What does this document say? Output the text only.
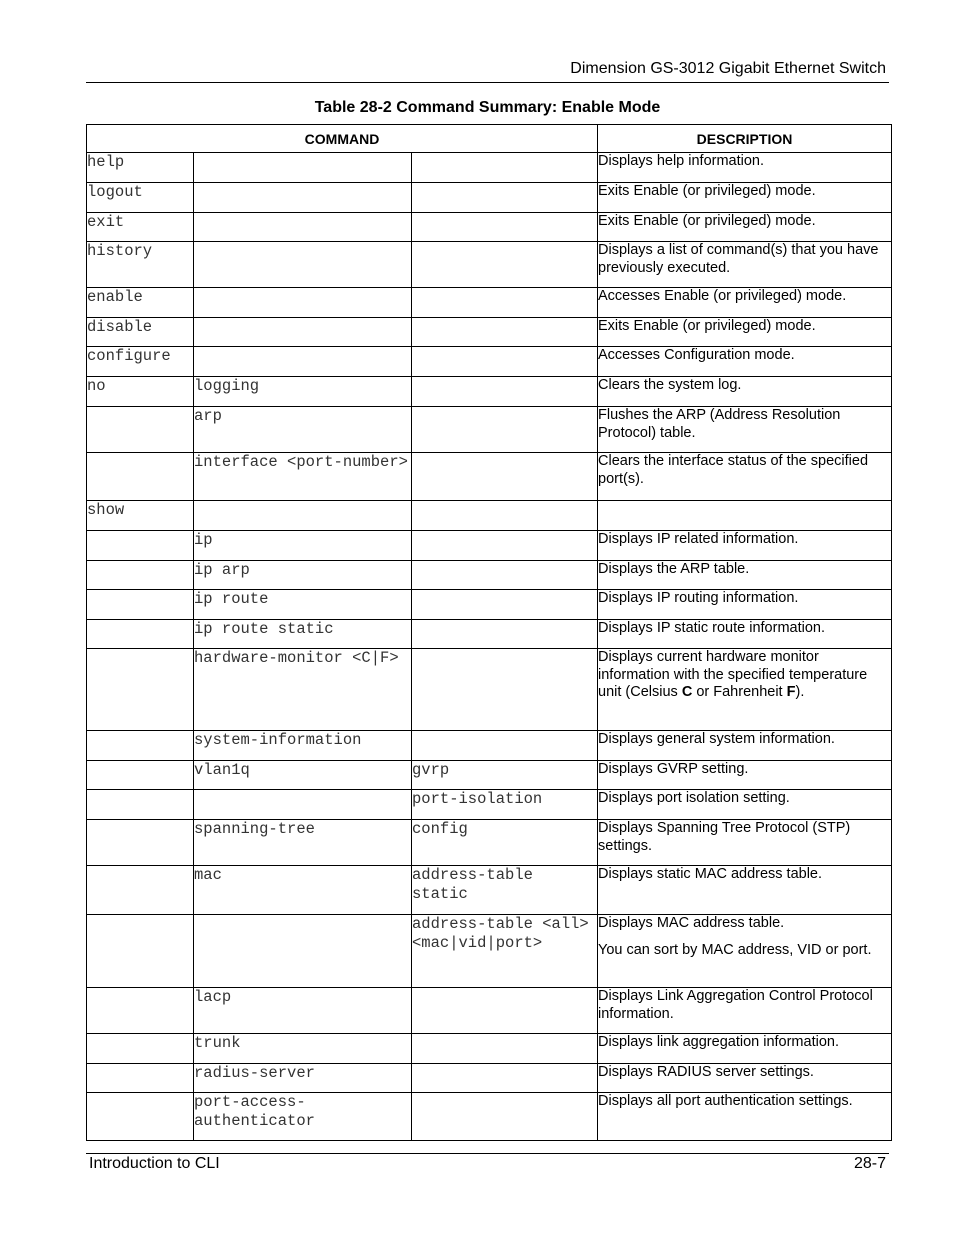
Dimension GS-3012 Gigabit Ethernet Switch
Table 28-2 Command Summary: Enable Mode
COMMAND			DESCRIPTION
help			Displays help information.

logout			Exits Enable (or privileged) mode.

exit			Exits Enable (or privileged) mode.

history			Displays a list of command(s) that you have previously executed.

enable			Accesses Enable (or privileged) mode.

disable			Exits Enable (or privileged) mode.

configure			Accesses Configuration mode.

no	logging		Clears the system log.

	arp		Flushes the ARP (Address Resolution Protocol) table.

	interface <port-number>		Clears the interface status of the specified port(s).

show			
	ip		Displays IP related information.

	ip arp		Displays the ARP table.

	ip route		Displays IP routing information.

	ip route static		Displays IP static route information.

	hardware-monitor <C|F>		Displays current hardware monitor information with the specified temperature unit (Celsius C or Fahrenheit F).

	system-information		Displays general system information.

	vlan1q	gvrp	Displays GVRP setting.

		port-isolation	Displays port isolation setting.

	spanning-tree	config	Displays Spanning Tree Protocol (STP) settings.

	mac	address-table static	Displays static MAC address table.

		address-table <all> <mac|vid|port>	Displays MAC address table.

You can sort by MAC address, VID or port.

	lacp		Displays Link Aggregation Control Protocol information.

	trunk		Displays link aggregation information.

	radius-server		Displays RADIUS server settings.

	port-access-authenticator		Displays all port authentication settings.

Introduction to CLI	28-7
